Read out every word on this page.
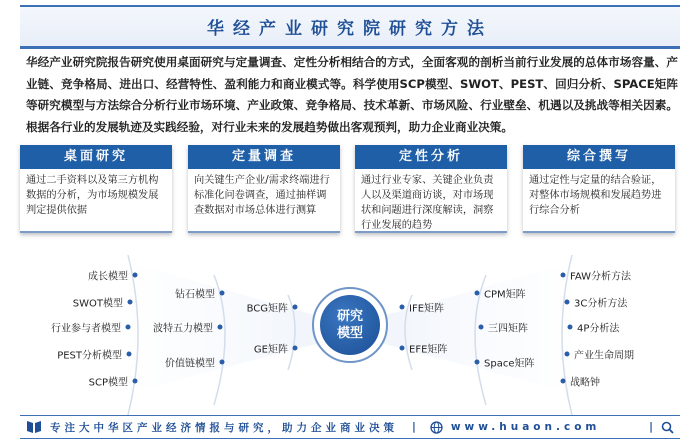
华经产业研究院研究方法

华经产业研究院报告研究使用桌面研究与定量调查、定性分析相结合的方式，全面客观的剖析当前行业发展的总体市场容量、产业链、竞争格局、进出口、经营特性、盈利能力和商业模式等。科学使用SCP模型、SWOT、PEST、回归分析、SPACE矩阵等研究模型与方法综合分析行业市场环境、产业政策、竞争格局、技术革新、市场风险、行业壁垒、机遇以及挑战等相关因素。根据各行业的发展轨迹及实践经验，对行业未来的发展趋势做出客观预判，助力企业商业决策。

桌面研究
通过二手资料以及第三方机构数据的分析，为市场规模发展判定提供依据
定量调查
向关键生产企业/需求终端进行标准化问卷调查，通过抽样调查数据对市场总体进行测算
定性分析
通过行业专家、关键企业负责人以及渠道商访谈，对市场现状和问题进行深度解读，洞察行业发展的趋势
综合撰写
通过定性与定量的结合验证，对整体市场规模和发展趋势进行综合分析
成长模型
SWOT模型
行业参与者模型
PEST分析模型
SCP模型
钻石模型
波特五力模型
价值链模型
BCG矩阵
GE矩阵
IFE矩阵
EFE矩阵
CPM矩阵
三四矩阵
Space矩阵
FAW分析方法
3C分析方法
4P分析法
产业生命周期
战略钟
研究模型
专注大中华区产业经济情报与研究，助力企业商业决策 |	www.huaon.com	|
